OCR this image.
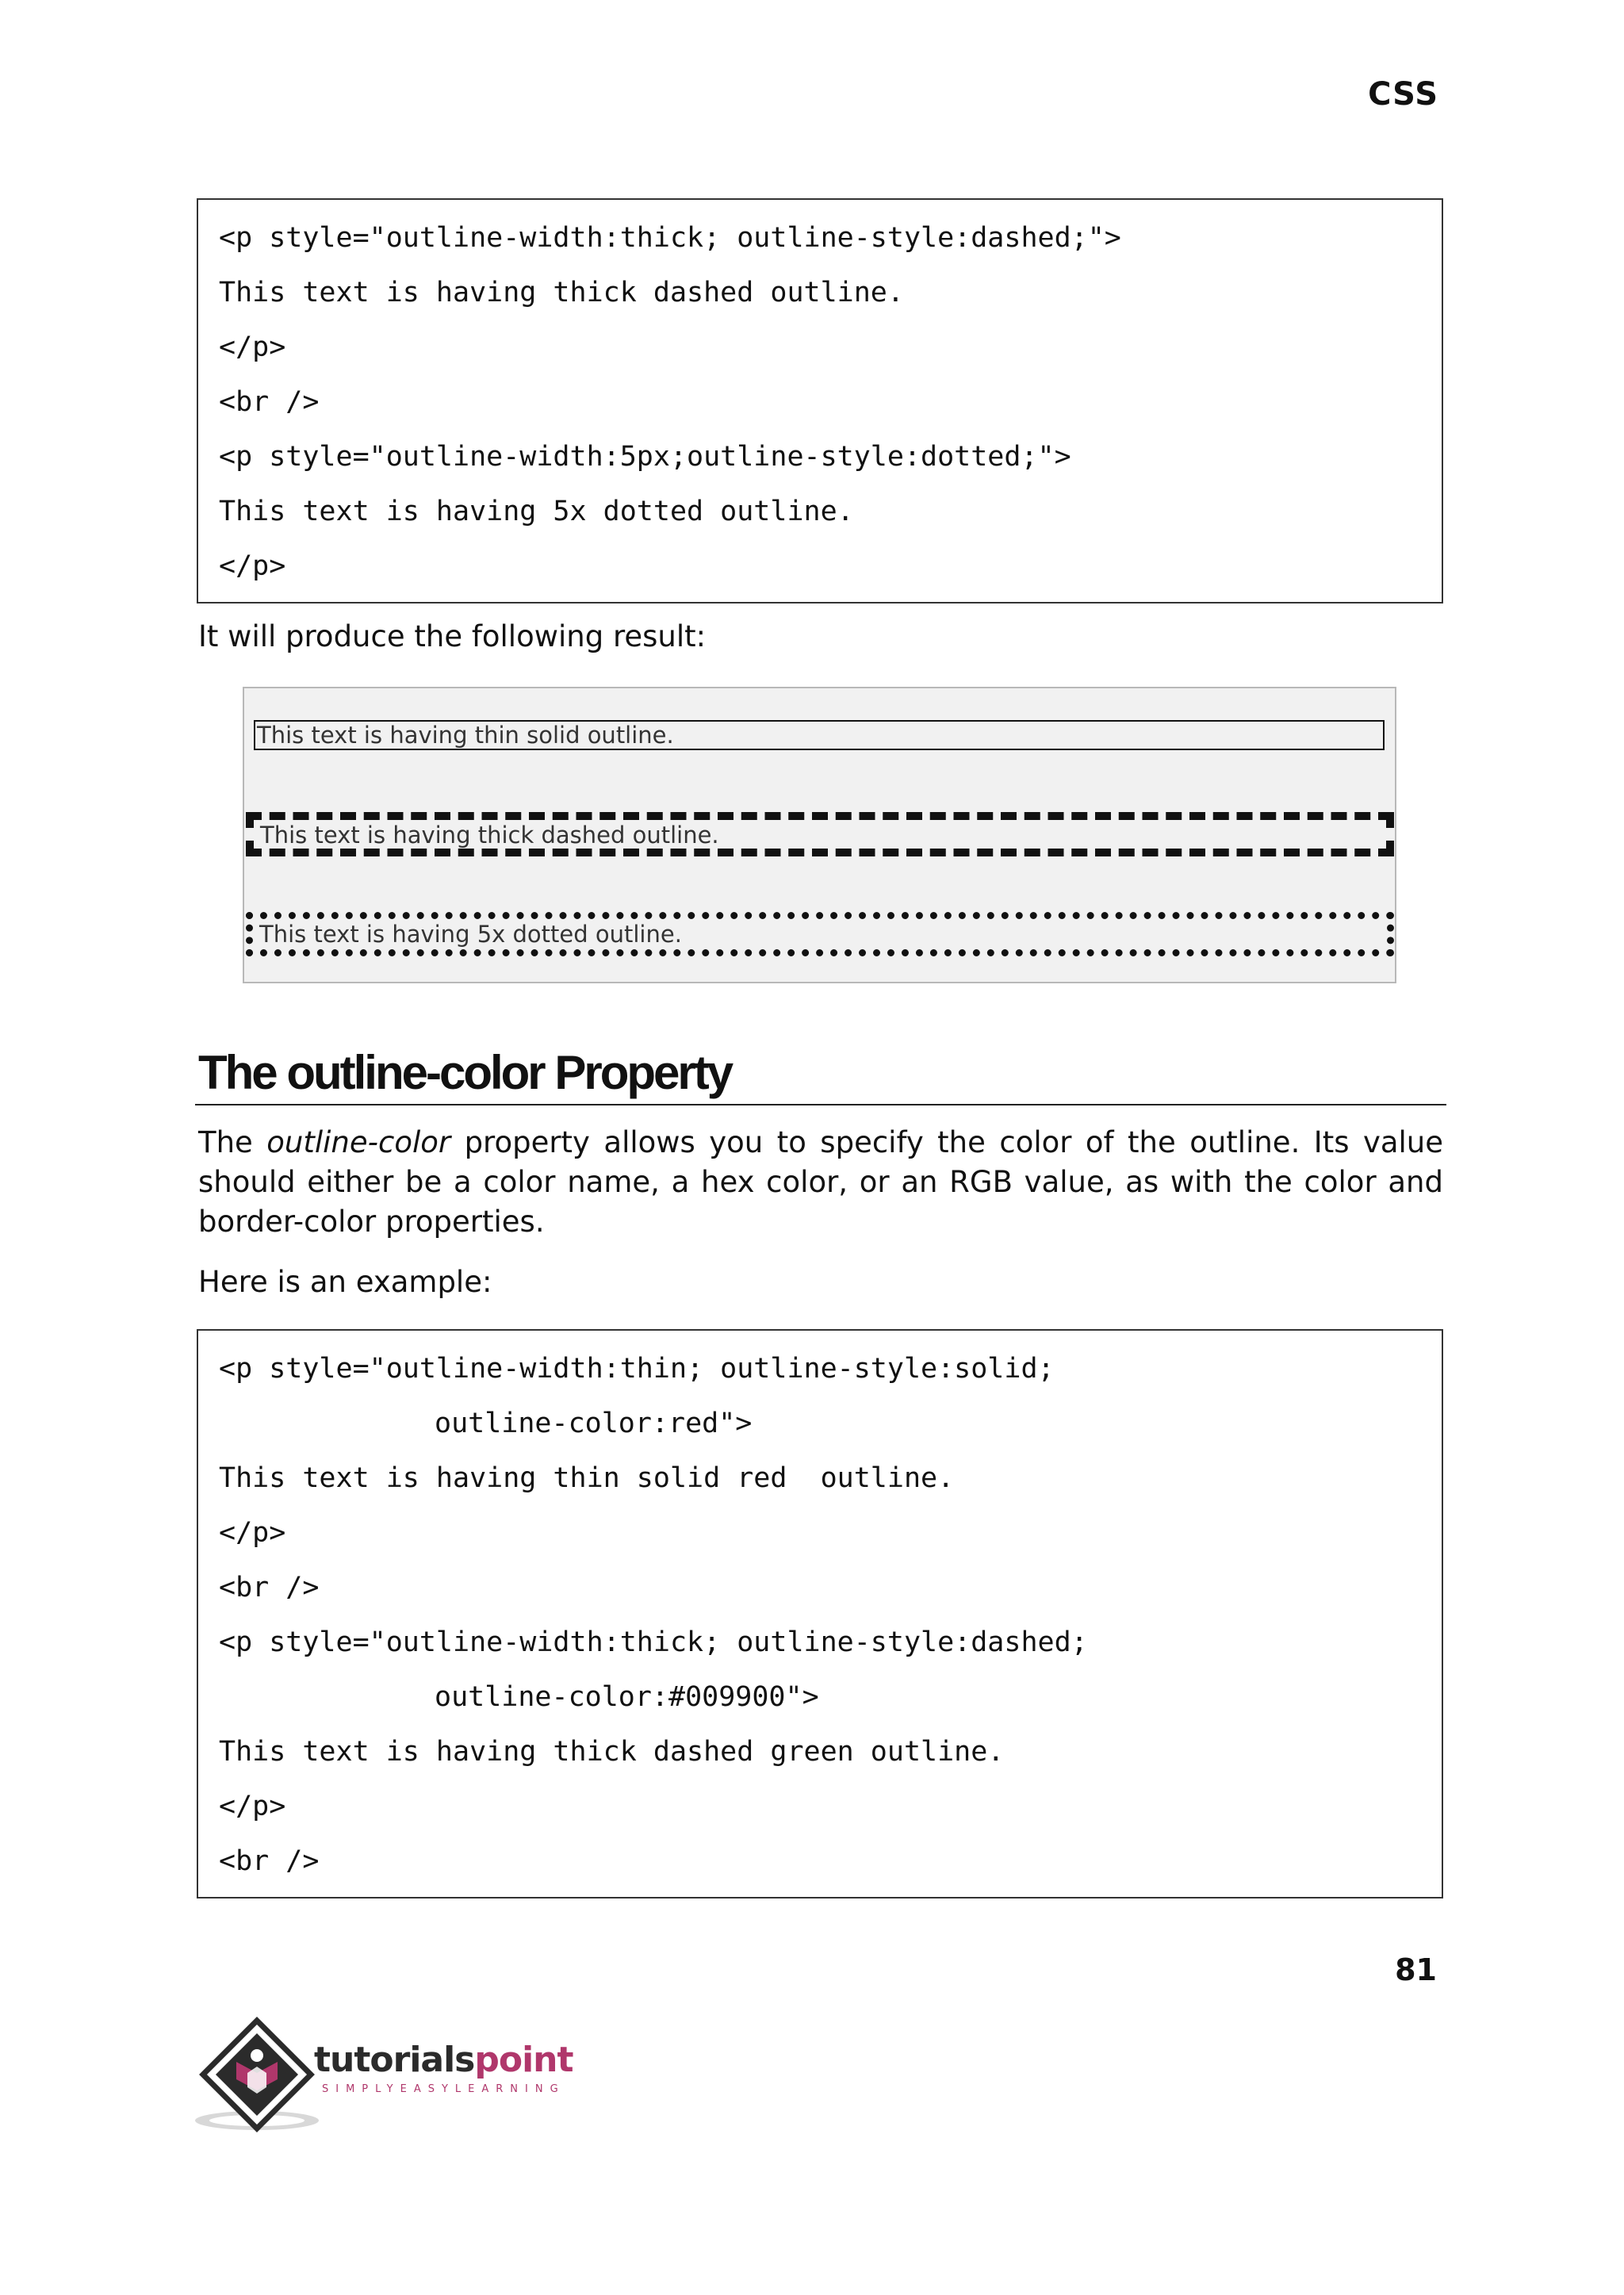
CSS
<p style="outline-width:thick; outline-style:dashed;">
This text is having thick dashed outline.
</p>
<br />
<p style="outline-width:5px;outline-style:dotted;">
This text is having 5x dotted outline.
</p>
It will produce the following result:
This text is having thin solid outline.
This text is having thick dashed outline.
This text is having 5x dotted outline.
The outline-color Property
The outline-color property allows you to specify the color of the outline. Its value should either be a color name, a hex color, or an RGB value, as with the color and border-color properties.
Here is an example:
<p style="outline-width:thin; outline-style:solid;
outline-color:red">
This text is having thin solid red  outline.
</p>
<br />
<p style="outline-width:thick; outline-style:dashed;
outline-color:#009900">
This text is having thick dashed green outline.
</p>
<br />
81
tutorialspoint
SIMPLYEASYLEARNING
